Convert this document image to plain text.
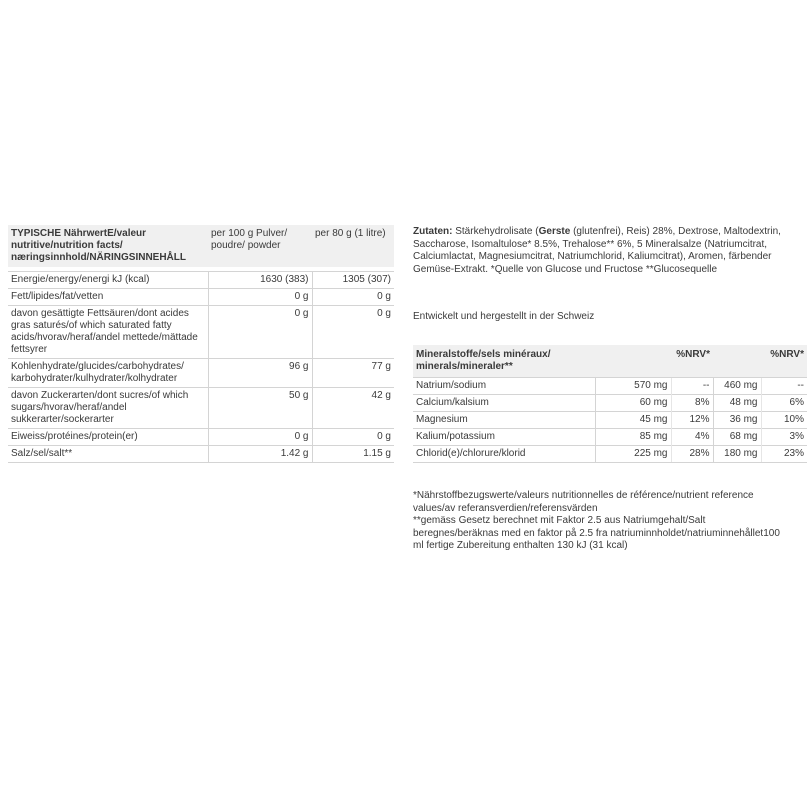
TYPISCHE NährwertE/valeur nutritive/nutrition facts/ næringsinnhold/NÄRINGSINNEHÅLL	per 100 g Pulver/ poudre/ powder	per 80 g (1 litre)

Energie/energy/energi kJ (kcal)	1630 (383)	1305 (307)
Fett/lipides/fat/vetten	0 g	0 g
davon gesättigte Fettsäuren/dont acides gras saturés/of which saturated fatty acids/hvorav/heraf/andel mettede/mättade fettsyrer	0 g	0 g
Kohlenhydrate/glucides/carbohydrates/ karbohydrater/kulhydrater/kolhydrater	96 g	77 g
davon Zuckerarten/dont sucres/of which sugars/hvorav/heraf/andel sukkerarter/sockerarter	50 g	42 g
Eiweiss/protéines/protein(er)	0 g	0 g
Salz/sel/salt**	1.42 g	1.15 g
Zutaten: Stärkehydrolisate (Gerste (glutenfrei), Reis) 28%, Dextrose, Maltodextrin, Saccharose, Isomaltulose* 8.5%, Trehalose** 6%, 5 Mineralsalze (Natriumcitrat, Calciumlactat, Magnesiumcitrat, Natriumchlorid, Kaliumcitrat), Aromen, färbender Gemüse-Extrakt. *Quelle von Glucose und Fructose **Glucosequelle
Entwickelt und hergestellt in der Schweiz
Mineralstoffe/sels minéraux/ minerals/mineraler**		%NRV*		%NRV*
Natrium/sodium	570 mg	--	460 mg	--
Calcium/kalsium	60 mg	8%	48 mg	6%
Magnesium	45 mg	12%	36 mg	10%
Kalium/potassium	85 mg	4%	68 mg	3%
Chlorid(e)/chlorure/klorid	225 mg	28%	180 mg	23%

*Nährstoffbezugswerte/valeurs nutritionnelles de référence/nutrient reference values/av referansverdien/referensvärden

**gemäss Gesetz berechnet mit Faktor 2.5 aus Natriumgehalt/Salt beregnes/beräknas med en faktor på 2.5 fra natriuminnholdet/natriuminnehållet100 ml fertige Zubereitung enthalten 130 kJ (31 kcal)
